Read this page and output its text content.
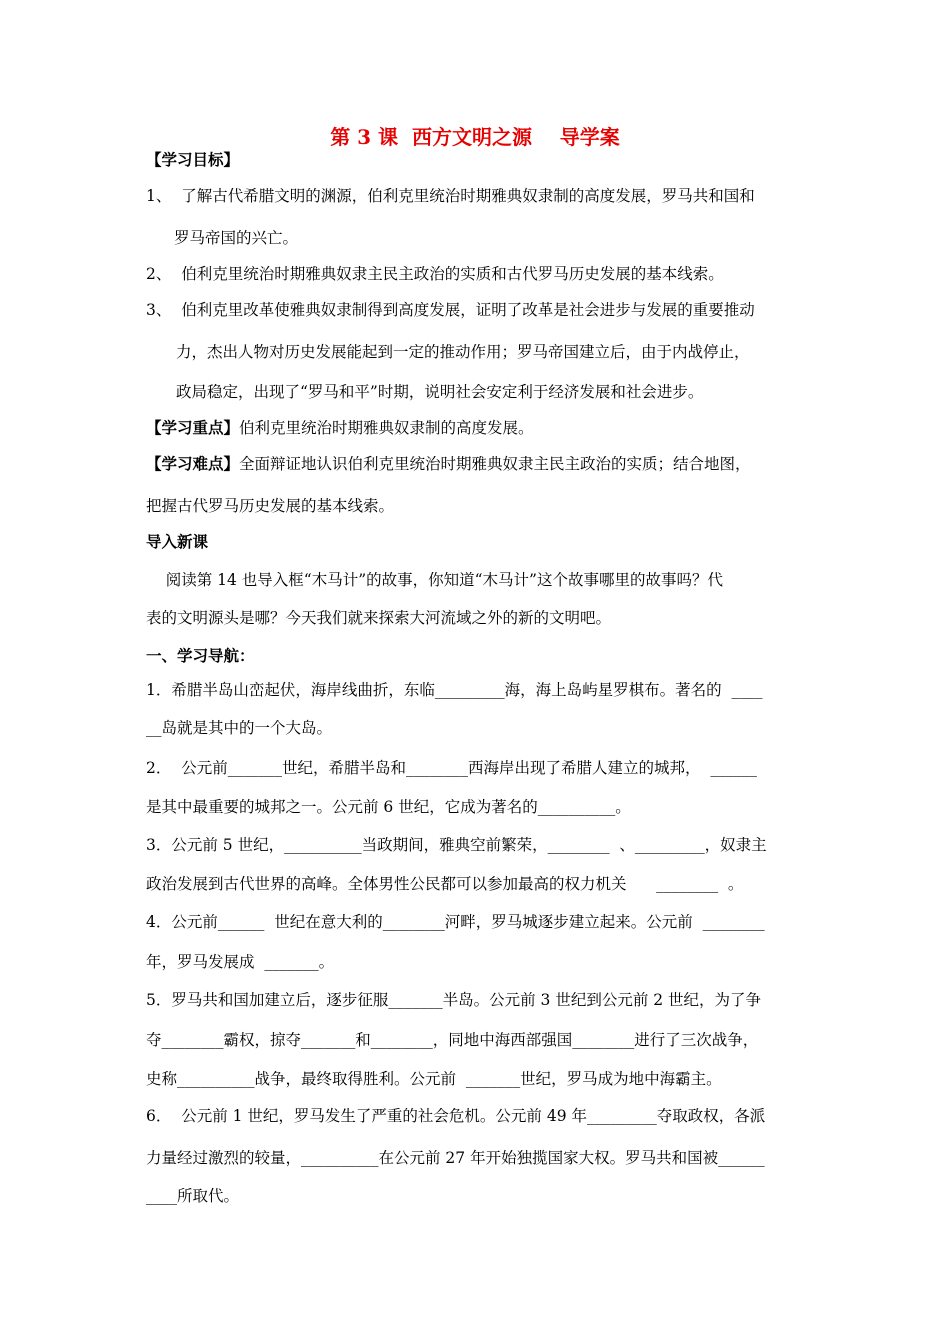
第 3 课  西方文明之源    导学案
【学习目标】
1、  了解古代希腊文明的渊源，伯利克里统治时期雅典奴隶制的高度发展，罗马共和国和
罗马帝国的兴亡。
2、  伯利克里统治时期雅典奴隶主民主政治的实质和古代罗马历史发展的基本线索。
3、  伯利克里改革使雅典奴隶制得到高度发展，证明了改革是社会进步与发展的重要推动
力，杰出人物对历史发展能起到一定的推动作用；罗马帝国建立后，由于内战停止，
政局稳定，出现了“罗马和平”时期，说明社会安定利于经济发展和社会进步。
【学习重点】伯利克里统治时期雅典奴隶制的高度发展。
【学习难点】全面辩证地认识伯利克里统治时期雅典奴隶主民主政治的实质；结合地图，
把握古代罗马历史发展的基本线索。
导入新课
阅读第 14 也导入框“木马计”的故事，你知道“木马计”这个故事哪里的故事吗？代
表的文明源头是哪？今天我们就来探索大河流域之外的新的文明吧。
一、学习导航：
1．希腊半岛山峦起伏，海岸线曲折，东临_________海，海上岛屿星罗棋布。著名的  ____
__岛就是其中的一个大岛。
2．  公元前_______世纪，希腊半岛和________西海岸出现了希腊人建立的城邦，  ______
是其中最重要的城邦之一。公元前 6 世纪，它成为著名的__________。
3．公元前 5 世纪，__________当政期间，雅典空前繁荣，________  、_________，奴隶主
政治发展到古代世界的高峰。全体男性公民都可以参加最高的权力机关      ________  。
4．公元前______  世纪在意大利的________河畔，罗马城逐步建立起来。公元前  ________
年，罗马发展成  _______。
5．罗马共和国加建立后，逐步征服_______半岛。公元前 3 世纪到公元前 2 世纪，为了争
夺________霸权，掠夺_______和________，同地中海西部强国________进行了三次战争，
史称__________战争，最终取得胜利。公元前  _______世纪，罗马成为地中海霸主。
6．  公元前 1 世纪，罗马发生了严重的社会危机。公元前 49 年_________夺取政权，各派
力量经过激烈的较量，__________在公元前 27 年开始独揽国家大权。罗马共和国被______
____所取代。
